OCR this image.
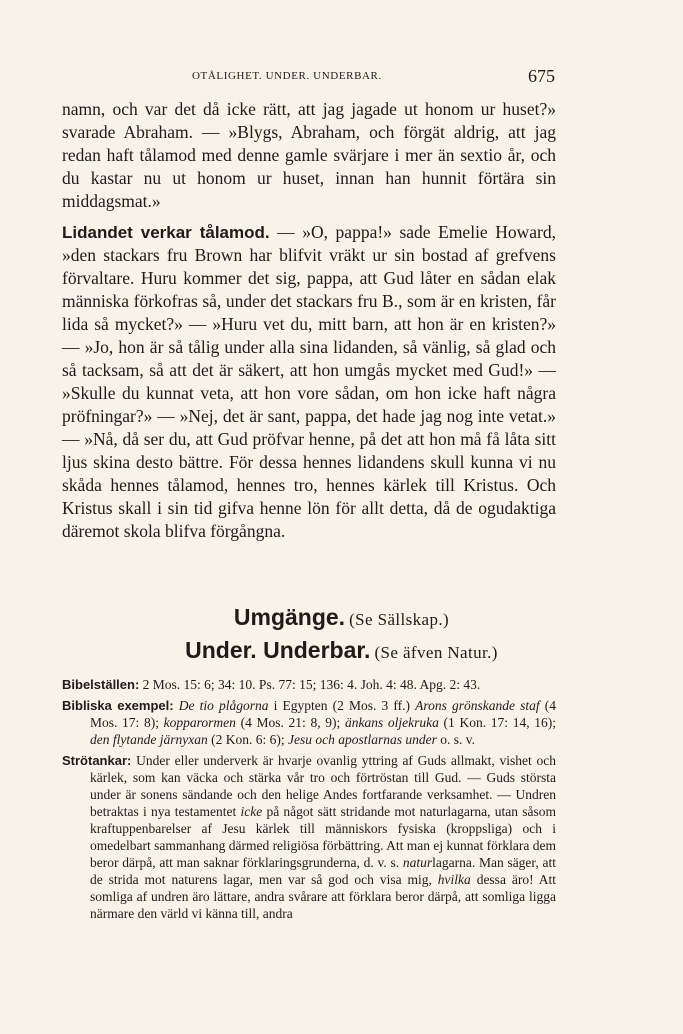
OTÅLIGHET. UNDER. UNDERBAR.	675

namn, och var det då icke rätt, att jag jagade ut honom ur huset?» svarade Abraham. — »Blygs, Abraham, och förgät aldrig, att jag redan haft tålamod med denne gamle svärjare i mer än sextio år, och du kastar nu ut honom ur huset, innan han hunnit förtära sin middagsmat.»

Lidandet verkar tålamod. — »O, pappa!» sade Emelie Howard, »den stackars fru Brown har blifvit vräkt ur sin bostad af grefvens förvaltare. Huru kommer det sig, pappa, att Gud låter en sådan elak människa förkofras så, under det stackars fru B., som är en kristen, får lida så mycket?» — »Huru vet du, mitt barn, att hon är en kristen?» — »Jo, hon är så tålig under alla sina lidanden, så vänlig, så glad och så tacksam, så att det är säkert, att hon umgås mycket med Gud!» — »Skulle du kunnat veta, att hon vore sådan, om hon icke haft några pröfningar?» — »Nej, det är sant, pappa, det hade jag nog inte vetat.» — »Nå, då ser du, att Gud pröfvar henne, på det att hon må få låta sitt ljus skina desto bättre. För dessa hennes lidandens skull kunna vi nu skåda hennes tålamod, hennes tro, hennes kärlek till Kristus. Och Kristus skall i sin tid gifva henne lön för allt detta, då de ogudaktiga däremot skola blifva förgångna.

Umgänge. (Se Sällskap.)
Under. Underbar. (Se äfven Natur.)

Bibelställen: 2 Mos. 15: 6; 34: 10. Ps. 77: 15; 136: 4. Joh. 4: 48. Apg. 2: 43.

Bibliska exempel: De tio plågorna i Egypten (2 Mos. 3 ff.) Arons grönskande staf (4 Mos. 17: 8); kopparormen (4 Mos. 21: 8, 9); änkans oljekruka (1 Kon. 17: 14, 16); den flytande järnyxan (2 Kon. 6: 6); Jesu och apostlarnas under o. s. v.

Strötankar: Under eller underverk är hvarje ovanlig yttring af Guds allmakt, vishet och kärlek, som kan väcka och stärka vår tro och förtröstan till Gud. — Guds största under är sonens sändande och den helige Andes fortfarande verksamhet. — Undren betraktas i nya testamentet icke på något sätt stridande mot naturlagarna, utan såsom kraftuppenbarelser af Jesu kärlek till människors fysiska (kroppsliga) och i omedelbart sammanhang därmed religiösa förbättring. Att man ej kunnat förklara dem beror därpå, att man saknar förklaringsgrunderna, d. v. s. naturlagarna. Man säger, att de strida mot naturens lagar, men var så god och visa mig, hvilka dessa äro! Att somliga af undren äro lättare, andra svårare att förklara beror därpå, att somliga ligga närmare den värld vi känna till, andra
